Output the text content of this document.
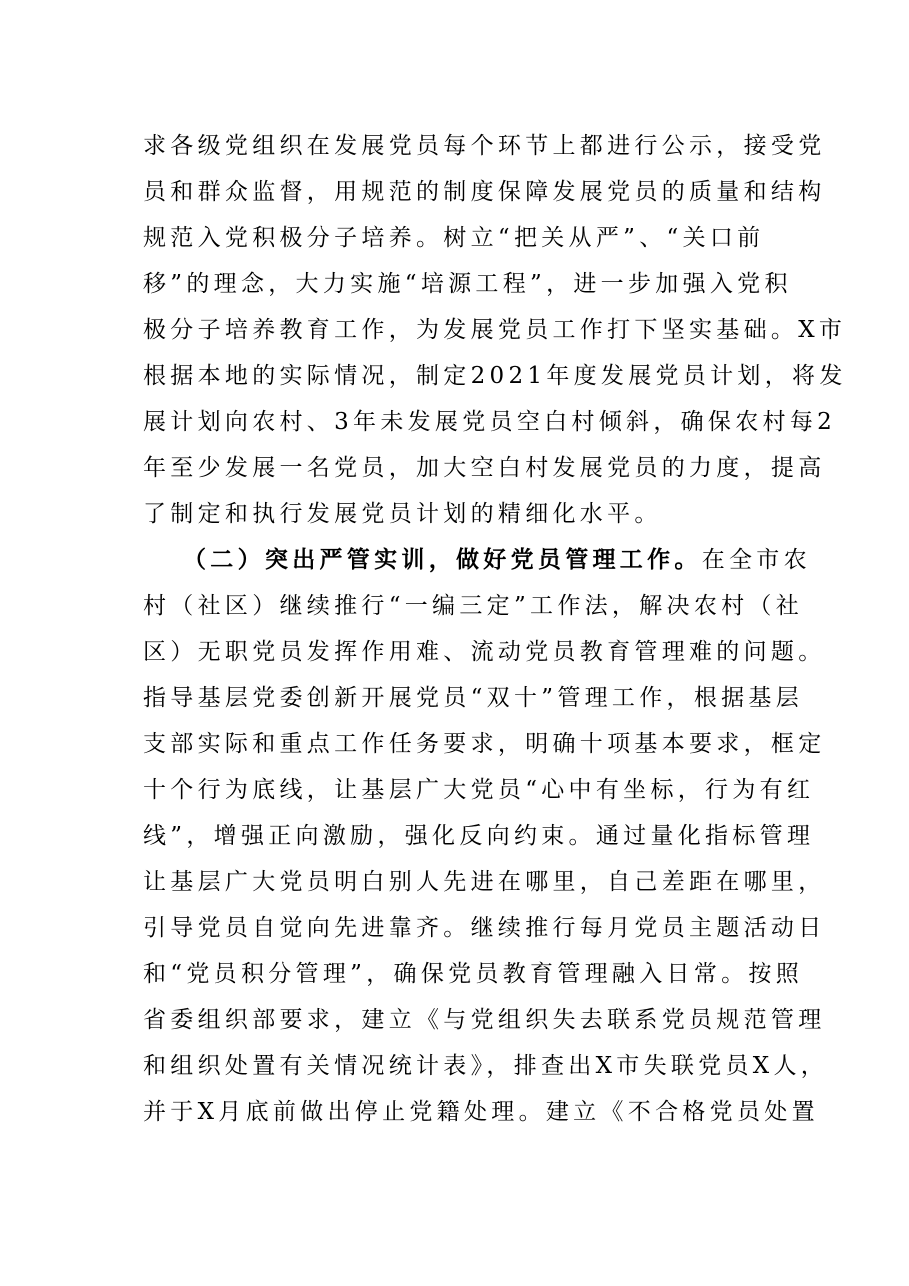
求各级党组织在发展党员每个环节上都进行公示，接受党
员和群众监督，用规范的制度保障发展党员的质量和结构
规范入党积极分子培养。树立“把关从严”、“关口前
移”的理念，大力实施“培源工程”，进一步加强入党积
极分子培养教育工作，为发展党员工作打下坚实基础。X市
根据本地的实际情况，制定2021年度发展党员计划，将发
展计划向农村、3年未发展党员空白村倾斜，确保农村每2
年至少发展一名党员，加大空白村发展党员的力度，提高
了制定和执行发展党员计划的精细化水平。
（二）突出严管实训，做好党员管理工作。在全市农
村（社区）继续推行“一编三定”工作法，解决农村（社
区）无职党员发挥作用难、流动党员教育管理难的问题。
指导基层党委创新开展党员“双十”管理工作，根据基层
支部实际和重点工作任务要求，明确十项基本要求，框定
十个行为底线，让基层广大党员“心中有坐标，行为有红
线”，增强正向激励，强化反向约束。通过量化指标管理
让基层广大党员明白别人先进在哪里，自己差距在哪里，
引导党员自觉向先进靠齐。继续推行每月党员主题活动日
和“党员积分管理”，确保党员教育管理融入日常。按照
省委组织部要求，建立《与党组织失去联系党员规范管理
和组织处置有关情况统计表》，排查出X市失联党员X人，
并于X月底前做出停止党籍处理。建立《不合格党员处置
